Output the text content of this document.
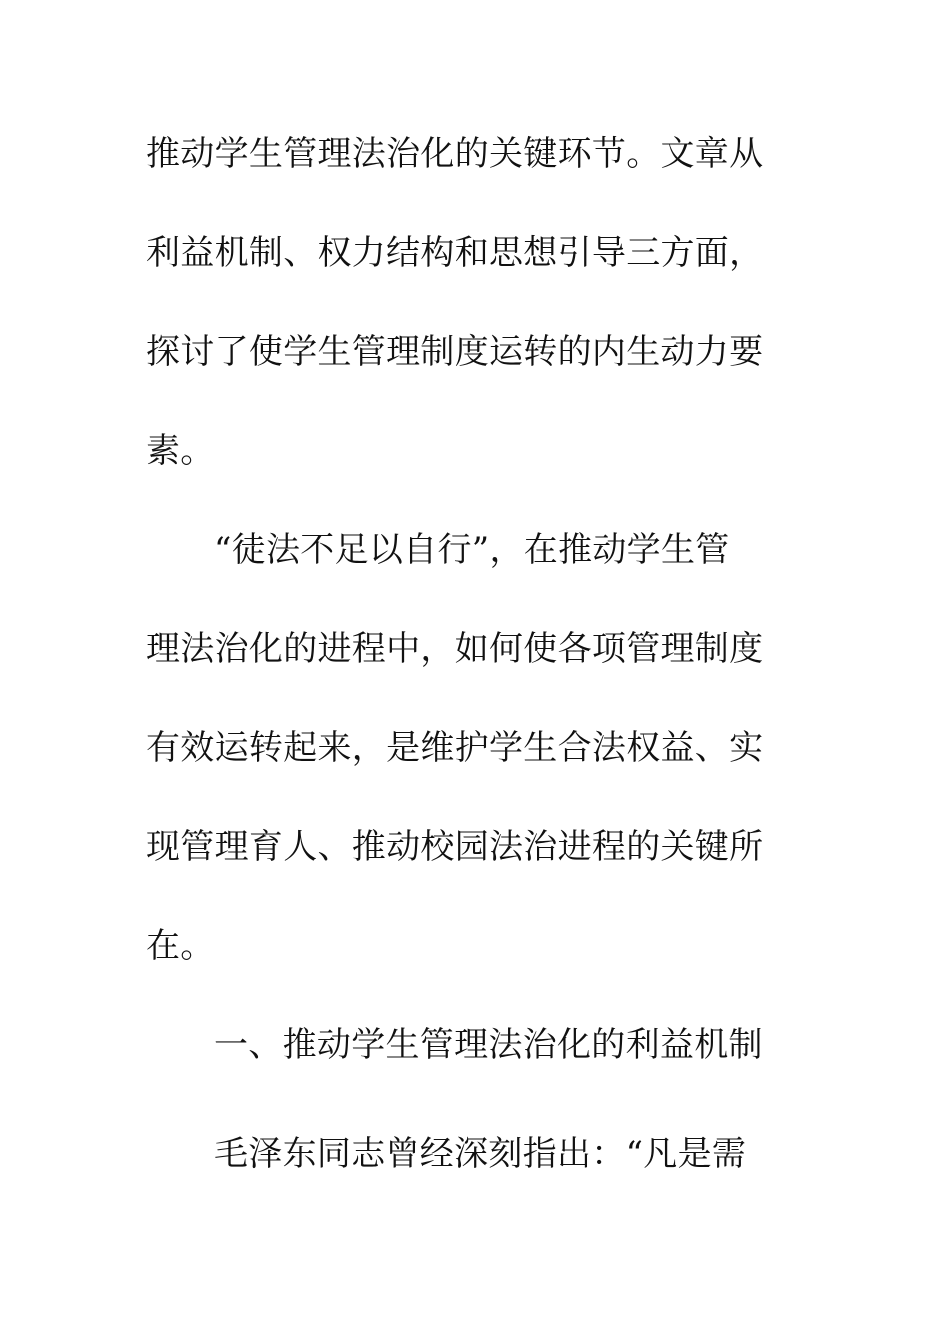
推动学生管理法治化的关键环节。文章从
利益机制、权力结构和思想引导三方面，
探讨了使学生管理制度运转的内生动力要
素。
“徒法不足以自行”，在推动学生管
理法治化的进程中，如何使各项管理制度
有效运转起来，是维护学生合法权益、实
现管理育人、推动校园法治进程的关键所
在。
一、推动学生管理法治化的利益机制
毛泽东同志曾经深刻指出：“凡是需
